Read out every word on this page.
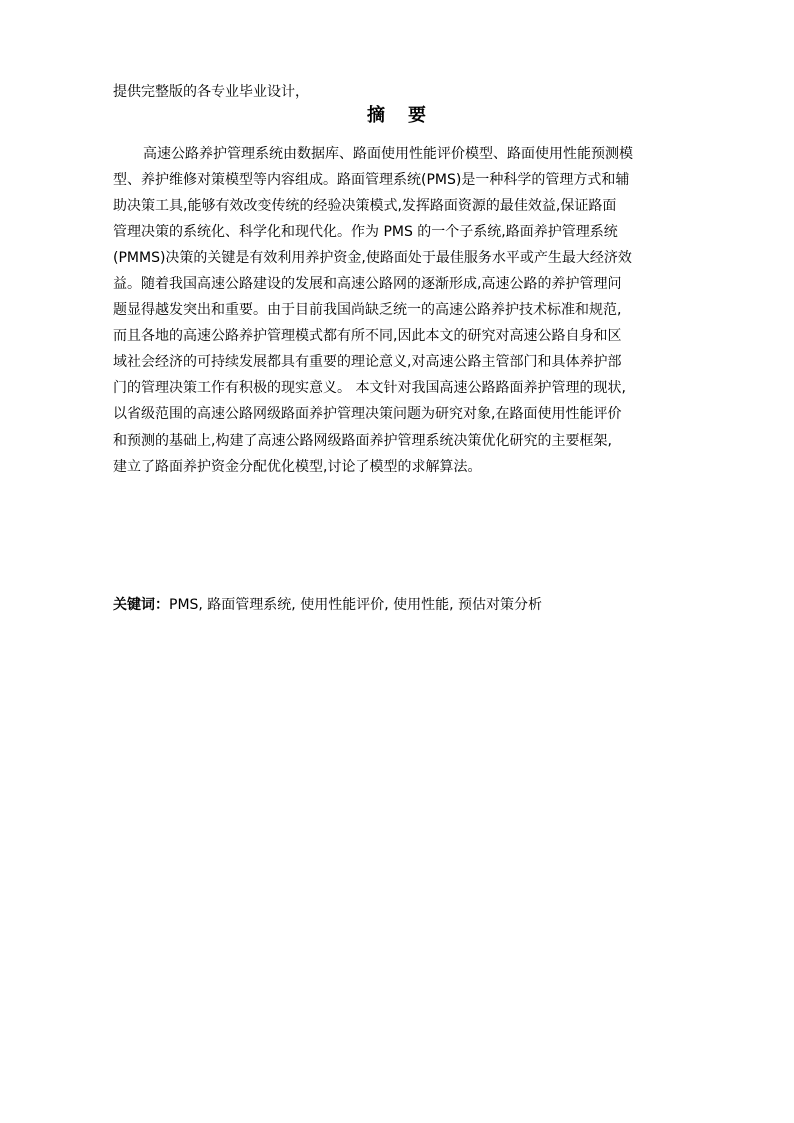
提供完整版的各专业毕业设计，
摘 要
高速公路养护管理系统由数据库、路面使用性能评价模型、路面使用性能预测模
型、养护维修对策模型等内容组成。路面管理系统(PMS)是一种科学的管理方式和辅
助决策工具,能够有效改变传统的经验决策模式,发挥路面资源的最佳效益,保证路面
管理决策的系统化、科学化和现代化。作为 PMS 的一个子系统,路面养护管理系统
(PMMS)决策的关键是有效利用养护资金,使路面处于最佳服务水平或产生最大经济效
益。随着我国高速公路建设的发展和高速公路网的逐渐形成,高速公路的养护管理问
题显得越发突出和重要。由于目前我国尚缺乏统一的高速公路养护技术标准和规范,
而且各地的高速公路养护管理模式都有所不同,因此本文的研究对高速公路自身和区
域社会经济的可持续发展都具有重要的理论意义,对高速公路主管部门和具体养护部
门的管理决策工作有积极的现实意义。 本文针对我国高速公路路面养护管理的现状,
以省级范围的高速公路网级路面养护管理决策问题为研究对象,在路面使用性能评价
和预测的基础上,构建了高速公路网级路面养护管理系统决策优化研究的主要框架,
建立了路面养护资金分配优化模型,讨论了模型的求解算法。
关键词：PMS, 路面管理系统, 使用性能评价, 使用性能, 预估对策分析
